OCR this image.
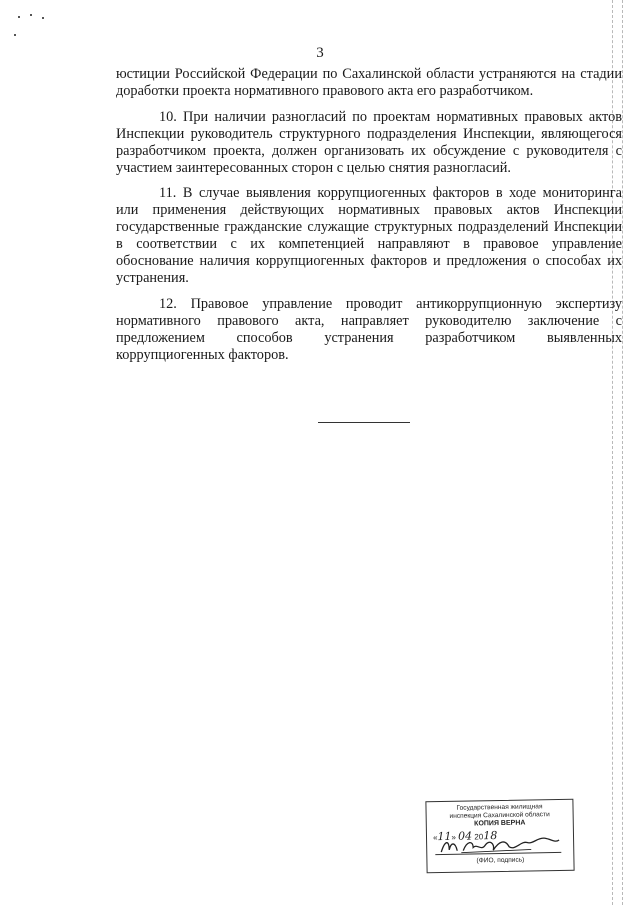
3

юстиции Российской Федерации по Сахалинской области устраняются на стадии доработки проекта нормативного правового акта его разработчиком.

10. При наличии разногласий по проектам нормативных правовых актов Инспекции руководитель структурного подразделения Инспекции, являющегося разработчиком проекта, должен организовать их обсуждение с руководителя с участием заинтересованных сторон с целью снятия разногласий.

11. В случае выявления коррупциогенных факторов в ходе мониторинга или применения действующих нормативных правовых актов Инспекции государственные гражданские служащие структурных подразделений Инспекции в соответствии с их компетенцией направляют в правовое управление обоснование наличия коррупциогенных факторов и предложения о способах их устранения.

12. Правовое управление проводит антикоррупционную экспертизу нормативного правового акта, направляет руководителю заключение с предложением способов устранения разработчиком выявленных коррупциогенных факторов.

Государственная жилищная
инспекция Сахалинской области
КОПИЯ ВЕРНА
«11» 04 2018
(ФИО, подпись)
